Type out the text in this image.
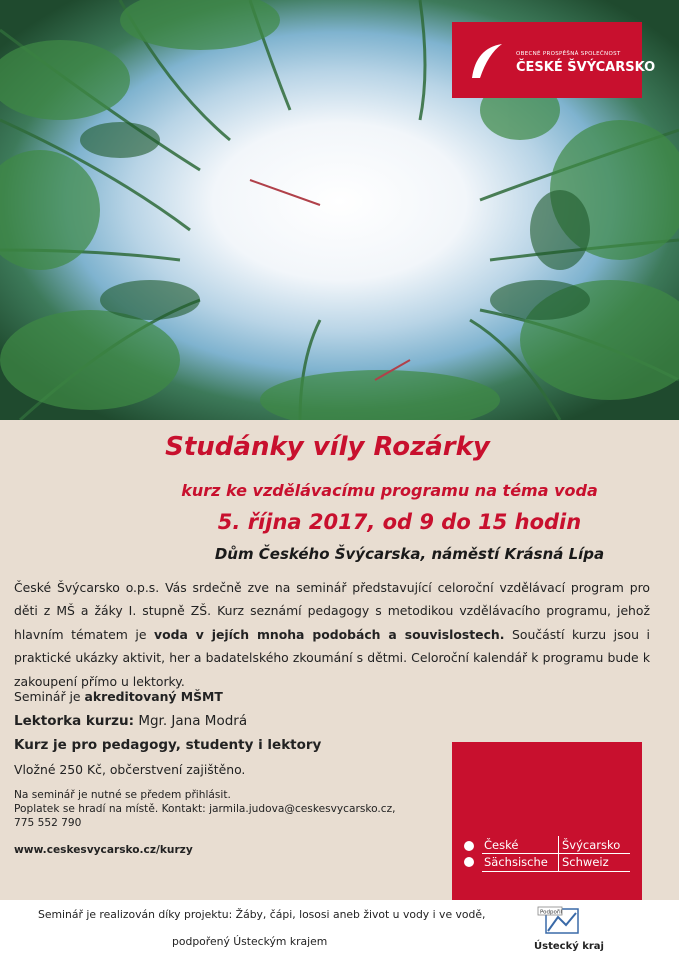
OBECNÉ PROSPĚŠNÁ SPOLEČNOST
ČESKÉ ŠVÝCARSKO
Studánky víly Rozárky
kurz ke vzdělávacímu programu na téma voda
5. října 2017, od 9 do 15 hodin
Dům Českého Švýcarska, náměstí Krásná Lípa
České Švýcarsko o.p.s. Vás srdečně zve na seminář představující celoroční vzdělávací program pro děti z MŠ a žáky I. stupně ZŠ. Kurz seznámí pedagogy s metodikou vzdělávacího programu, jehož hlavním tématem je voda v jejích mnoha podobách a souvislostech. Součástí kurzu jsou i praktické ukázky aktivit, her a badatelského zkoumání s dětmi. Celoroční kalendář k programu bude k zakoupení přímo u lektorky.
Seminář je akreditovaný MŠMT
Lektorka kurzu: Mgr. Jana Modrá
Kurz je pro pedagogy, studenty i lektory
Vložné 250 Kč, občerstvení zajištěno.
Na seminář je nutné se předem přihlásit.
Poplatek se hradí na místě. Kontakt: jarmila.judova@ceskesvycarsko.cz,
775 552 790
www.ceskesvycarsko.cz/kurzy	České	Švýcarsko
Sächsische Schweiz
Seminář je realizován díky projektu: Žáby, čápi, lososi aneb život u vody i ve vodě,
podpořený Ústeckým krajem
Podpořil
Ústecký kraj
